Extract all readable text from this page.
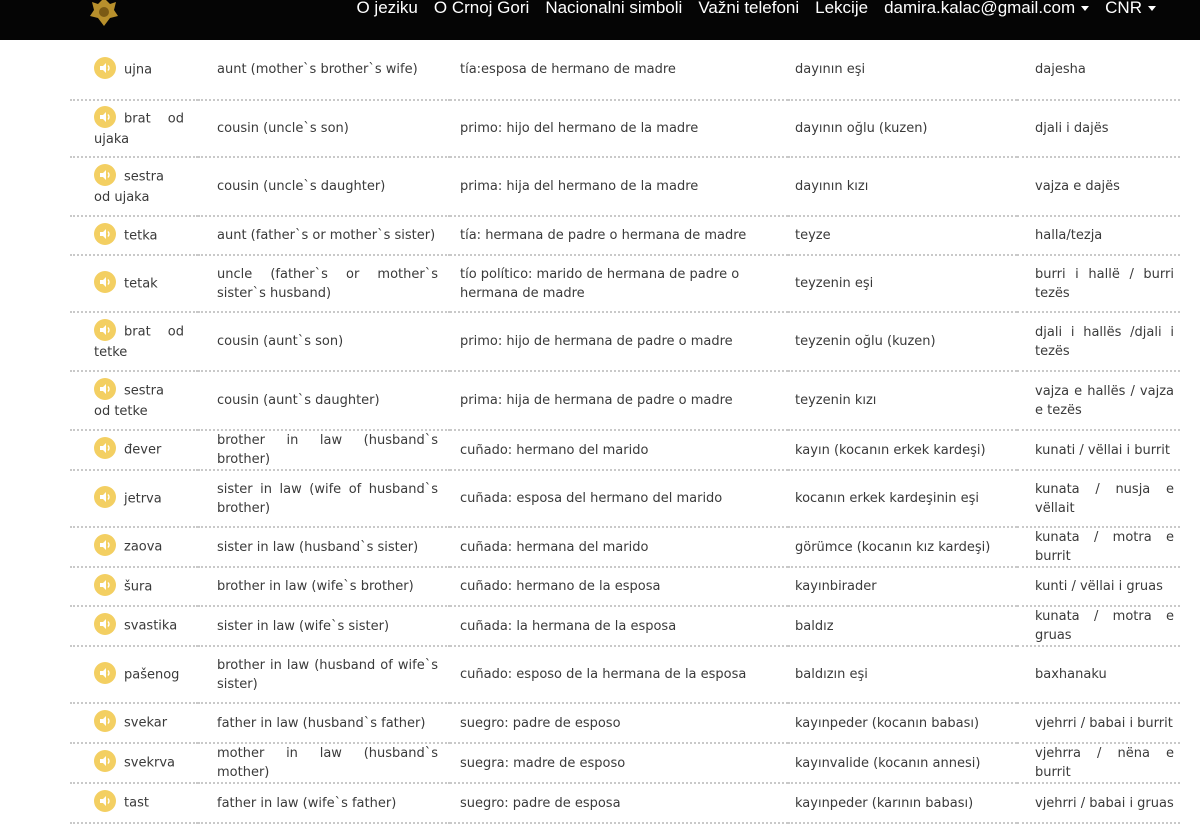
O jeziku O Crnoj Gori Nacionalni simboli Važni telefoni Lekcije damira.kalac@gmail.com	CNR
ujna	aunt (mother`s brother`s wife)	tía:esposa de hermano de madre	dayının eşi	dajesha

brat od ujaka	cousin (uncle`s son)	primo: hijo del hermano de la madre	dayının oğlu (kuzen)	djali i dajës

sestra od ujaka	cousin (uncle`s daughter)	prima: hija del hermano de la madre	dayının kızı	vajza e dajës

tetka	aunt (father`s or mother`s sister)	tía: hermana de padre o hermana de madre	teyze	halla/tezja

tetak	uncle (father`s or mother`s sister`s husband)	tío político: marido de hermana de padre o hermana de madre	teyzenin eşi	burri i hallë / burri tezës

brat od tetke	cousin (aunt`s son)	primo: hijo de hermana de padre o madre	teyzenin oğlu (kuzen)	djali i hallës /djali i tezës

sestra od tetke	cousin (aunt`s daughter)	prima: hija de hermana de padre o madre	teyzenin kızı	vajza e hallës / vajza e tezës

đever	brother in law (husband`s brother)	cuñado: hermano del marido	kayın (kocanın erkek kardeşi)	kunati / vëllai i burrit

jetrva	sister in law (wife of husband`s brother)	cuñada: esposa del hermano del marido	kocanın erkek kardeşinin eşi	kunata / nusja e vëllait

zaova	sister in law (husband`s sister)	cuñada: hermana del marido	görümce (kocanın kız kardeşi)	kunata / motra e burrit

šura	brother in law (wife`s brother)	cuñado: hermano de la esposa	kayınbirader	kunti / vëllai i gruas

svastika	sister in law (wife`s sister)	cuñada: la hermana de la esposa	baldız	kunata / motra e gruas

pašenog	brother in law (husband of wife`s sister)	cuñado: esposo de la hermana de la esposa	baldızın eşi	baxhanaku

svekar	father in law (husband`s father)	suegro: padre de esposo	kayınpeder (kocanın babası)	vjehrri / babai i burrit

svekrva	mother in law (husband`s mother)	suegra: madre de esposo	kayınvalide (kocanın annesi)	vjehrra / nëna e burrit

tast	father in law (wife`s father)	suegro: padre de esposa	kayınpeder (karının babası)	vjehrri / babai i gruas
